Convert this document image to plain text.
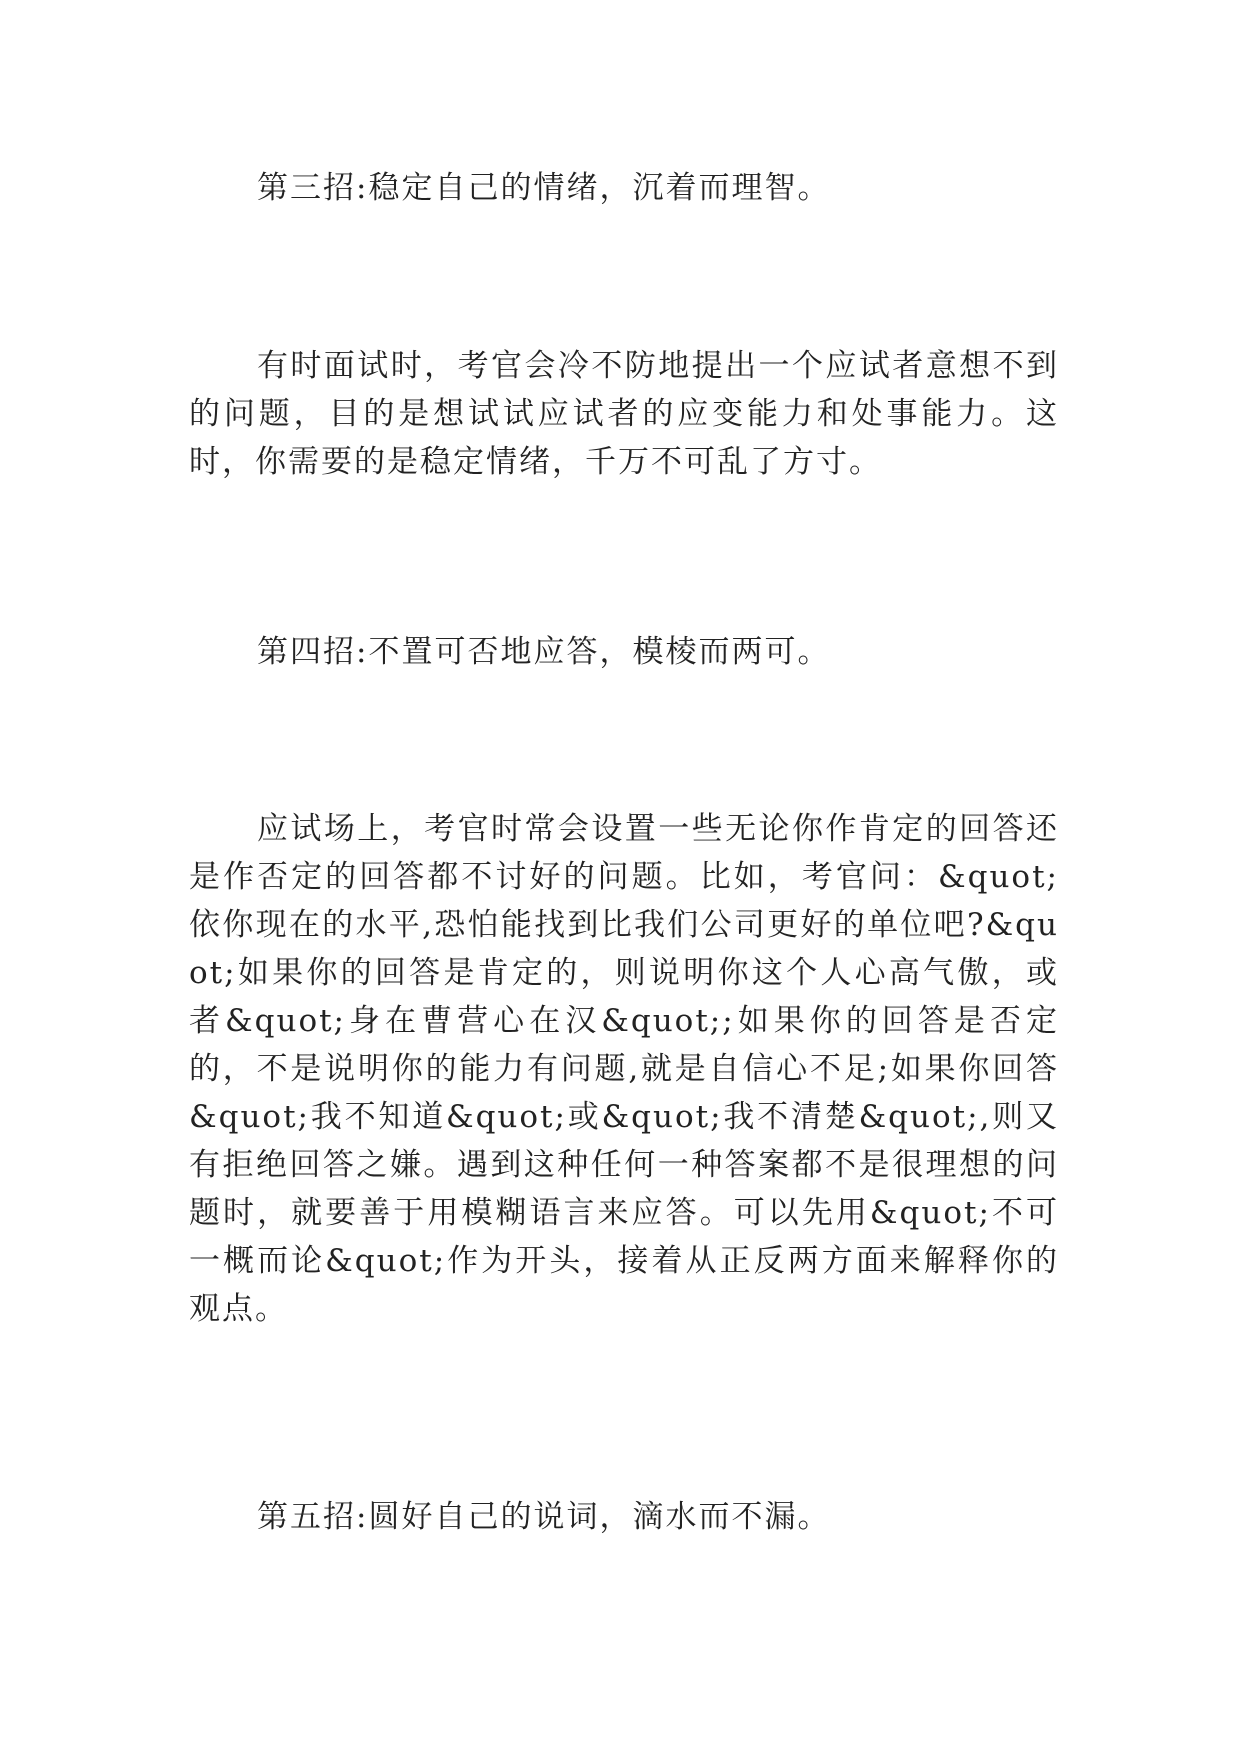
第三招:稳定自己的情绪，沉着而理智。
有时面试时，考官会冷不防地提出一个应试者意想不到的问题，目的是想试试应试者的应变能力和处事能力。这时，你需要的是稳定情绪，千万不可乱了方寸。
第四招:不置可否地应答，模棱而两可。
应试场上，考官时常会设置一些无论你作肯定的回答还是作否定的回答都不讨好的问题。比如，考官问：&quot;依你现在的水平,恐怕能找到比我们公司更好的单位吧?&quot;如果你的回答是肯定的，则说明你这个人心高气傲，或者&quot;身在曹营心在汉&quot;;如果你的回答是否定的，不是说明你的能力有问题,就是自信心不足;如果你回答&quot;我不知道&quot;或&quot;我不清楚&quot;,则又有拒绝回答之嫌。遇到这种任何一种答案都不是很理想的问题时，就要善于用模糊语言来应答。可以先用&quot;不可一概而论&quot;作为开头，接着从正反两方面来解释你的观点。
第五招:圆好自己的说词，滴水而不漏。
